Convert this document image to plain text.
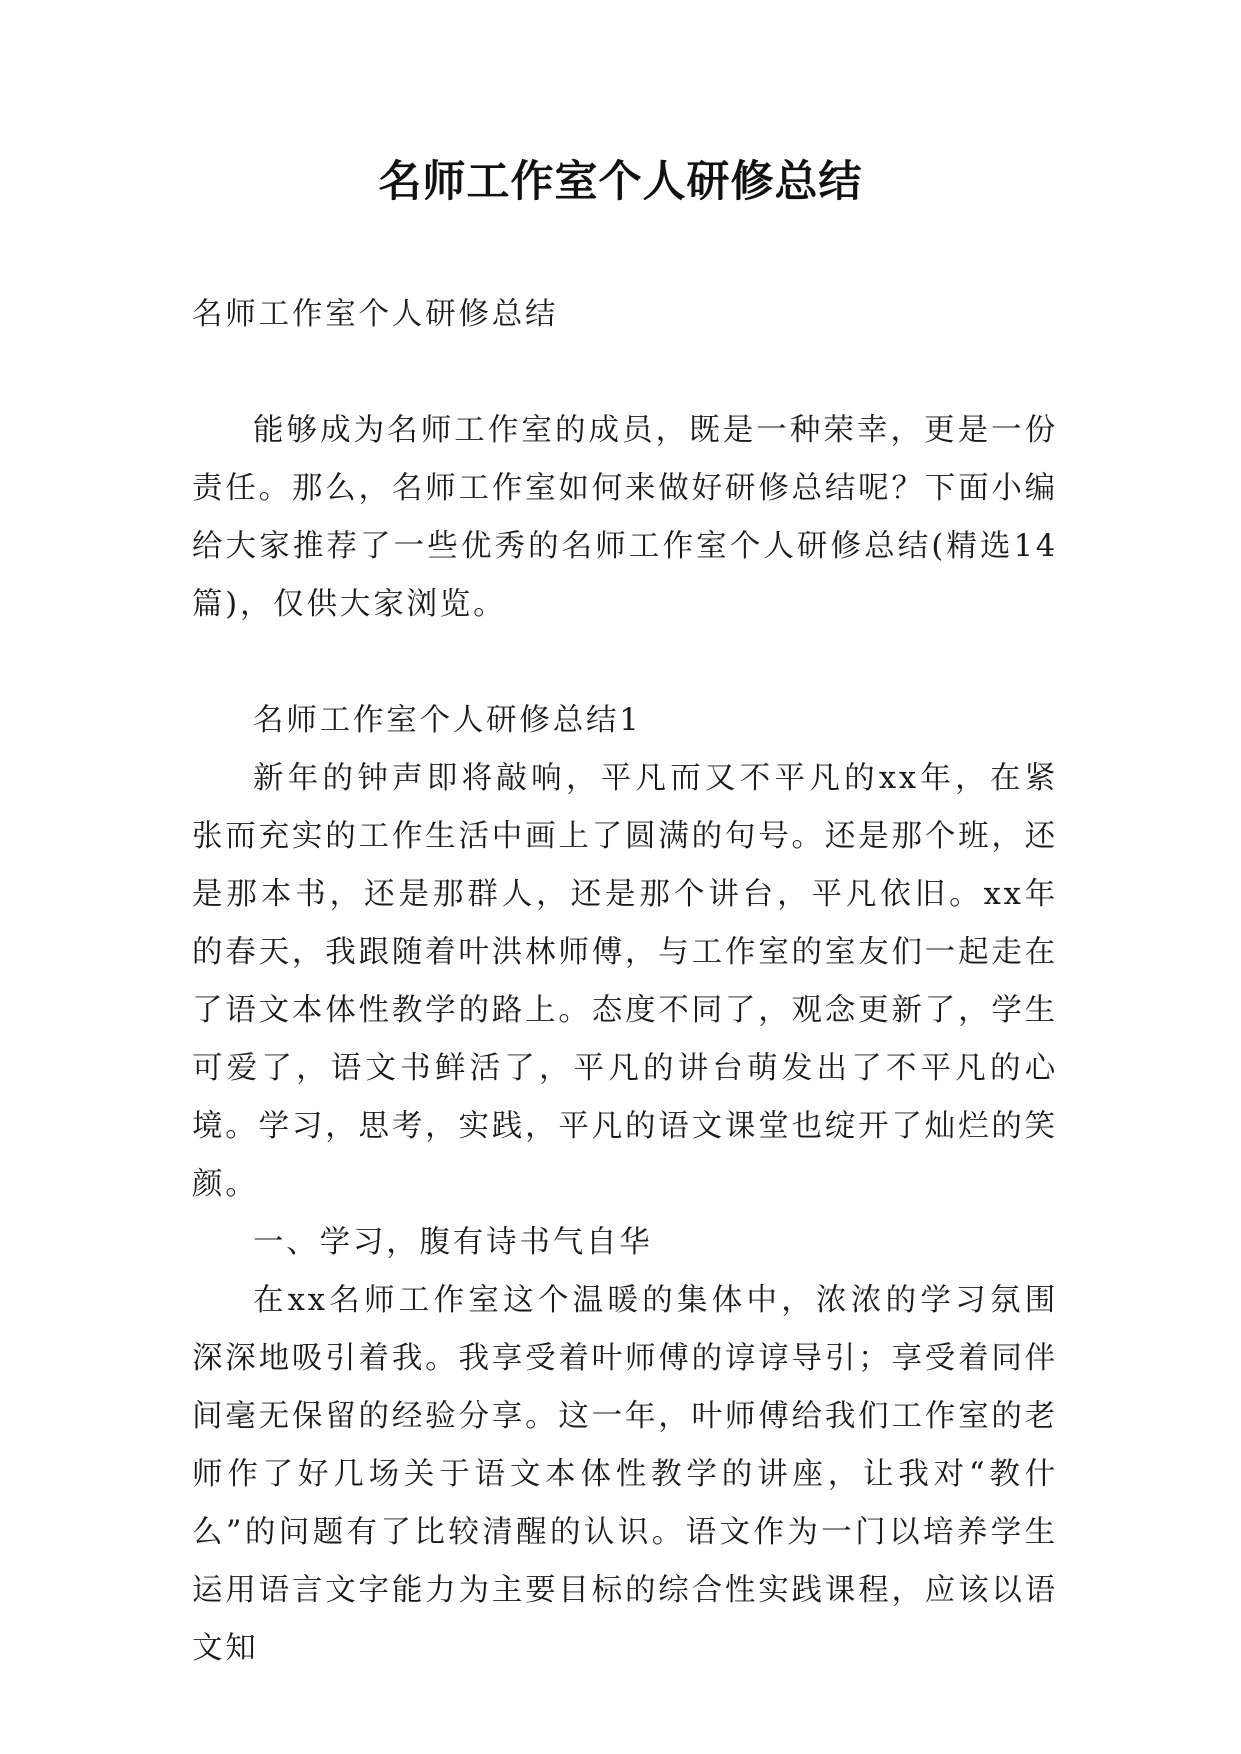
名师工作室个人研修总结

名师工作室个人研修总结

能够成为名师工作室的成员，既是一种荣幸，更是一份责任。那么，名师工作室如何来做好研修总结呢？下面小编给大家推荐了一些优秀的名师工作室个人研修总结(精选14篇)，仅供大家浏览。

名师工作室个人研修总结1

新年的钟声即将敲响，平凡而又不平凡的xx年，在紧张而充实的工作生活中画上了圆满的句号。还是那个班，还是那本书，还是那群人，还是那个讲台，平凡依旧。xx年的春天，我跟随着叶洪林师傅，与工作室的室友们一起走在了语文本体性教学的路上。态度不同了，观念更新了，学生可爱了，语文书鲜活了，平凡的讲台萌发出了不平凡的心境。学习，思考，实践，平凡的语文课堂也绽开了灿烂的笑颜。

一、学习，腹有诗书气自华

在xx名师工作室这个温暖的集体中，浓浓的学习氛围深深地吸引着我。我享受着叶师傅的谆谆导引；享受着同伴间毫无保留的经验分享。这一年，叶师傅给我们工作室的老师作了好几场关于语文本体性教学的讲座，让我对“教什么”的问题有了比较清醒的认识。语文作为一门以培养学生运用语言文字能力为主要目标的综合性实践课程，应该以语文知
